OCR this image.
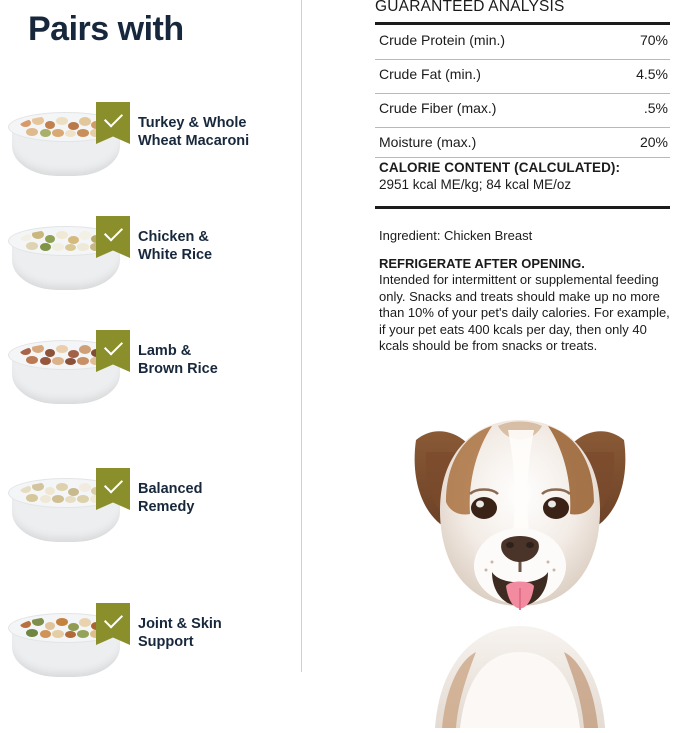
Pairs with
Turkey & Whole
Wheat Macaroni
Chicken &
White Rice
Lamb &
Brown Rice
Balanced
Remedy
Joint & Skin
Support
GUARANTEED ANALYSIS
Crude Protein (min.)	70%
Crude Fat (min.)	4.5%
Crude Fiber (max.)	.5%
Moisture (max.)	20%
CALORIE CONTENT (CALCULATED):
2951 kcal ME/kg; 84 kcal ME/oz
Ingredient: Chicken Breast
REFRIGERATE AFTER OPENING.
Intended for intermittent or supplemental feeding only. Snacks and treats should make up no more than 10% of your pet's daily calories. For example, if your pet eats 400 kcals per day, then only 40 kcals should be from snacks or treats.
